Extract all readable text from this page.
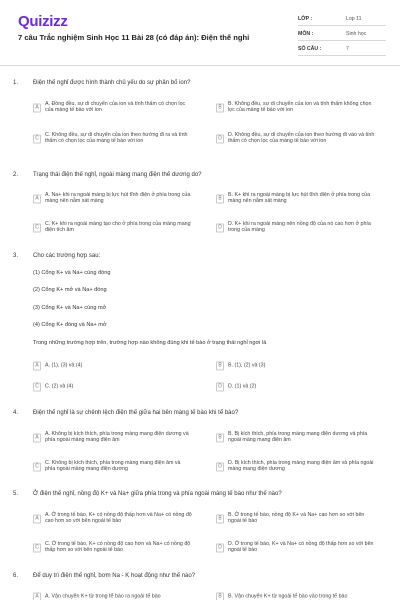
Quizizz
7 câu Trắc nghiệm Sinh Học 11 Bài 28 (có đáp án): Điện thế nghỉ
LỚP :	Lop 11
MÔN :	Sinh học
SỐ CÂU :	7
1. Điện thế nghỉ được hình thành chủ yếu do sự phân bố ion?
A
A. Đồng đều, sự di chuyển của ion và tính thấm có chọn lọc của màng tế bào với ion
B
B. Không đều, sự di chuyển của ion và tính thấm không chọn lọc của màng tế bào với ion
C
C. Không đều, sự di chuyển của ion theo hướng đi ra và tính thấm có chọn lọc của màng tế bào với ion
D
D. Không đều, sự di chuyển của ion theo hướng đi vào và tính thấm có chọn lọc của màng tế bào với ion
2. Trạng thái điện thế nghỉ, ngoài màng mang điện thế dương do?
A
A. Na+ khi ra ngoài màng bị lực hút tĩnh điện ở phía trong của màng nên nằm sát màng
B
B. K+ khi ra ngoài màng bị lực hút tĩnh điện ở phía trong của màng nên nằm sát màng
C
C. K+ khi ra ngoài màng tạo cho ở phía trong của màng mang điện tích âm
D
D. K+ khi ra ngoài màng nên nồng độ của nó cao hơn ở phía trong của màng
3. Cho các trường hợp sau:
(1) Cổng K+ và Na+ cùng đóng
(2) Cổng K+ mở và Na+ đóng
(3) Cổng K+ và Na+ cùng mở
(4) Cổng K+ đóng và Na+ mở
Trong những trường hợp trên, trường hợp nào không đúng khi tế bào ở trạng thái nghỉ ngơi là
A	A. (1), (3) và (4)	B	B. (1), (2) và (3)
C	C. (2) và (4)	D	D. (1) và (2)
4. Điện thế nghỉ là sự chênh lệch điện thế giữa hai bên màng tế bào khi tế bào?
A
A. Không bị kích thích, phía trong màng mang điện dương và phía ngoài màng mang điện âm
B
B. Bị kích thích, phía trong màng mang điện dương và phía ngoài màng mang điện âm
C
C. Không bị kích thích, phía trong màng mang điện âm và phía ngoài màng mang điện dương
D
D. Bị kích thích, phía trong màng mang điện âm và phía ngoài màng mang điện dương
5. Ở điện thế nghỉ, nồng độ K+ và Na+ giữa phía trong và phía ngoài màng tế bào như thế nào?
A
A. Ở trong tế bào, K+ có nồng độ thấp hơn và Na+ có nồng độ cao hơn so với bên ngoài tế bào
B
B. Ở trong tế bào, nồng độ K+ và Na+ cao hơn so với bên ngoài tế bào
C
C. Ở trong tế bào, K+ có nồng độ cao hơn và Na+ có nồng độ thấp hơn so với bên ngoài tế bào
D
D. Ở trong tế bào, K+ và Na+ có nồng độ thấp hơn so với bên ngoài tế bào
6. Để duy trì điện thế nghỉ, bơm Na - K hoạt động như thế nào?
A	A. Vận chuyển K+ từ trong tế bào ra ngoài tế bào	B	B. Vận chuyển K+ từ ngoài tế bào vào trong tế bào
